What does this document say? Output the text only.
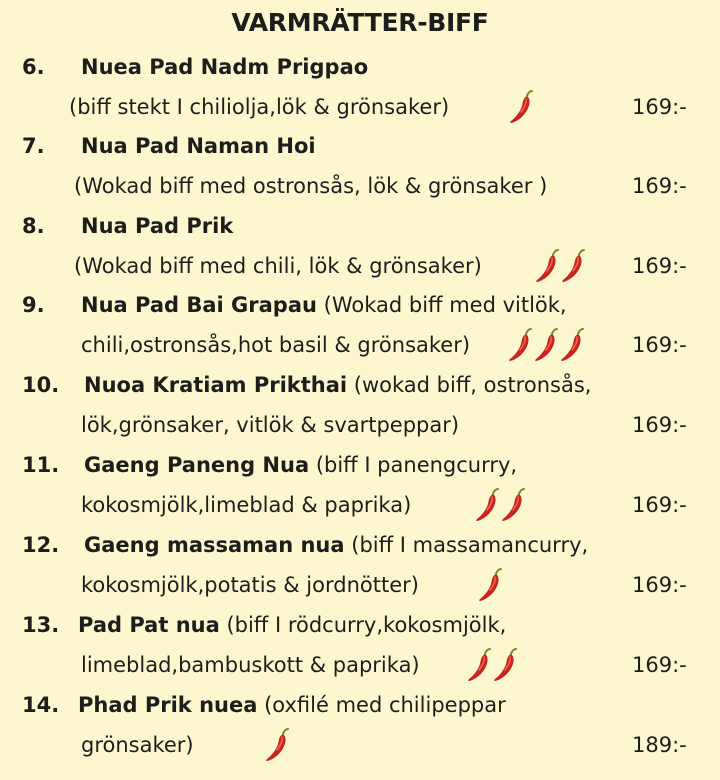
VARMRÄTTER-BIFF
6. Nuea Pad Nadm Prigpao
(biff stekt I chiliolja,lök & grönsaker)	169:-
7. Nua Pad Naman Hoi
(Wokad biff med ostronsås, lök & grönsaker )	169:-
8. Nua Pad Prik
(Wokad biff med chili, lök & grönsaker)	169:-
9. Nua Pad Bai Grapau (Wokad biff med vitlök,
chili,ostronsås,hot basil & grönsaker)	169:-
10. Nuoa Kratiam Prikthai (wokad biff, ostronsås,
lök,grönsaker, vitlök & svartpeppar)	169:-
11. Gaeng Paneng Nua (biff I panengcurry,
kokosmjölk,limeblad & paprika)	169:-
12. Gaeng massaman nua (biff I massamancurry,
kokosmjölk,potatis & jordnötter)	169:-
13. Pad Pat nua (biff I rödcurry,kokosmjölk,
limeblad,bambuskott & paprika)	169:-
14. Phad Prik nuea (oxfilé med chilipeppar
grönsaker)	189:-
